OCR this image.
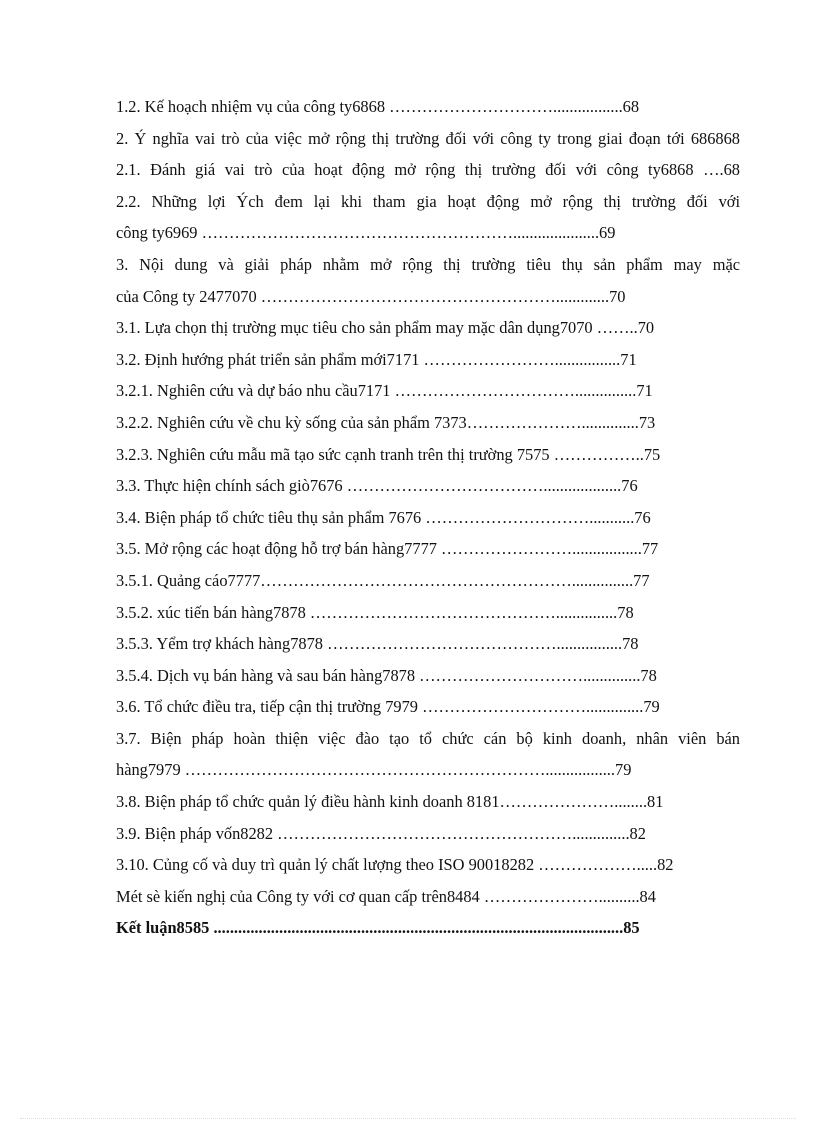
1.2. Kế hoạch nhiệm vụ của công ty6868 ………………………….................68
2. Ý nghĩa vai trò của việc mở rộng thị trường đối với công ty trong giai đoạn tới 686868
2.1. Đánh giá vai trò của hoạt động mở rộng thị trường đối với công ty6868 ….68
2.2. Những lợi Ých đem lại khi tham gia hoạt động mở rộng thị trường đối với
công ty6969 ………………………………………………….....................69
3. Nội dung và giải pháp nhằm mở rộng thị trường tiêu thụ sản phẩm may mặc
của Công ty 2477070 ……………………………………………….............70
3.1. Lựa chọn thị trường mục tiêu cho sản phẩm may mặc dân dụng7070 ……..70
3.2. Định hướng phát triển sản phẩm mới7171 ……………………................71
3.2.1. Nghiên cứu và dự báo nhu cầu7171 ……………………………...............71
3.2.2. Nghiên cứu về chu kỳ sống của sản phẩm 7373…………………..............73
3.2.3. Nghiên cứu mẫu mã tạo sức cạnh tranh trên thị trường 7575 ……………..75
3.3. Thực hiện chính sách giò7676 ………………………………...................76
3.4. Biện pháp tổ chức tiêu thụ sản phẩm 7676 …………………………...........76
3.5. Mở rộng các hoạt động hỗ trợ bán hàng7777 …………………….................77
3.5.1. Quảng cáo7777…………………………………………………...............77
3.5.2. xúc tiến bán hàng7878 ………………………………………...............78
3.5.3. Yểm trợ khách hàng7878 ……………………………………................78
3.5.4. Dịch vụ bán hàng và sau bán hàng7878 …………………………..............78
3.6. Tổ chức điều tra, tiếp cận thị trường 7979 …………………………..............79
3.7. Biện pháp hoàn thiện việc đào tạo tổ chức cán bộ kinh doanh, nhân viên bán
hàng7979 ………………………………………………………….................79
3.8. Biện pháp tổ chức quản lý điều hành kinh doanh 8181…………………........81
3.9. Biện pháp vốn8282 ………………………………………………..............82
3.10. Củng cố và duy trì quản lý chất lượng theo ISO 90018282 ……………….....82
Mét sè kiến nghị của Công ty với cơ quan cấp trên8484 …………………..........84
Kết luận8585 ....................................................................................................85
